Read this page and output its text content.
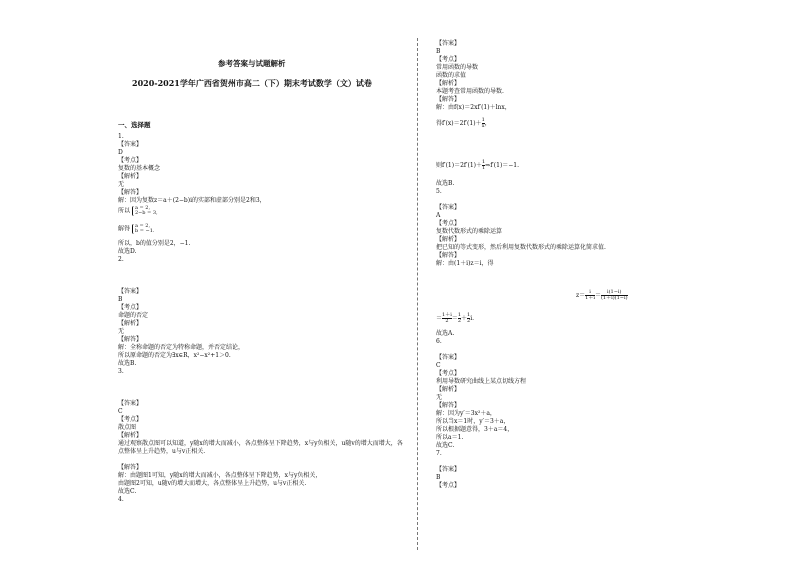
参考答案与试题解析
2020-2021学年广西省贺州市高二（下）期末考试数学（文）试卷
所以 a = 2,
2−b = 3,
解得 a = 2,
b = −1.
所以原命题的否定为∃x∈R，x²−x²+1＞0.
一、选择题
1.
【答案】
D
【考点】
复数的基本概念
【解析】
无
【解答】
解：因为复数z＝a＋(2−b)i的实部和虚部分别是2和3，
所以，b的值分别是2，−1.
故选D.
2.
【答案】
B
【考点】
命题的否定
【解析】
无
【解答】
解：全称命题的否定为特称命题，并否定结论，
故选B.
3.
【答案】
C
【考点】
散点图
【解析】
通过观察散点图可以知道，y随x的增大而减小，各点整体呈下降趋势，x与y负相关，u随v的增大而增大，各
点整体呈上升趋势，u与v正相关.
【解答】
解：由题图1可知，y随x的增大而减小，各点整体呈下降趋势，x与y负相关，
由题图2可知，u随v的增大而增大，各点整体呈上升趋势，u与v正相关.
故选C.
4.
得$f'(x)=2f'(1)+ \frac{1}{x}$ ，
则$f'(1)=2f'(1)+ \frac{1}{1}$ ⇒f′(1)＝−1.
$z= \frac{i}{1+i} = \frac{i(1-i)}{(1+i)(1-i)}$
＝ $\frac{1+i}{2} = \frac{1}{2} + \frac{1}{2} i$.
【答案】
B
【考点】
常用函数的导数
函数的求值
【解析】
本题考查常用函数的导数.
【解答】
解：由f(x)＝2xf′(1)＋lnx，
故选B.
5.
【答案】
A
【考点】
复数代数形式的乘除运算
【解析】
把已知的等式变形，然后利用复数代数形式的乘除运算化简求值.
【解答】
解：由(1＋i)z＝i，得
故选A.
6.
【答案】
C
【考点】
利用导数研究曲线上某点切线方程
【解析】
无
【解答】
解：因为y′＝3x²＋a，
所以当x＝1时，y′＝3＋a，
所以根据题意得，3＋a＝4，
所以a＝1.
故选C.
7.
【答案】
B
【考点】
